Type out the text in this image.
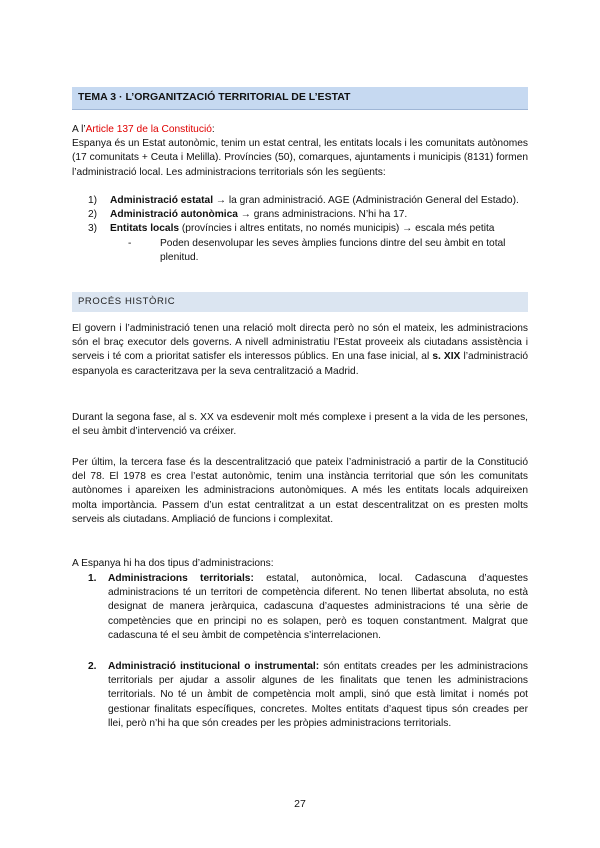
TEMA 3 · L’ORGANITZACIÓ TERRITORIAL DE L’ESTAT
A l’Article 137 de la Constitució:
Espanya és un Estat autonòmic, tenim un estat central, les entitats locals i les comunitats autònomes (17 comunitats + Ceuta i Melilla). Províncies (50), comarques, ajuntaments i municipis (8131) formen l’administració local. Les administracions territorials són les següents:
1) Administració estatal → la gran administració. AGE (Administración General del Estado).
2) Administració autonòmica → grans administracions. N’hi ha 17.
3) Entitats locals (províncies i altres entitats, no només municipis) → escala més petita
-	Poden desenvolupar les seves àmplies funcions dintre del seu àmbit en total plenitud.
PROCÉS HISTÒRIC
El govern i l’administració tenen una relació molt directa però no són el mateix, les administracions són el braç executor dels governs. A nivell administratiu l’Estat proveeix als ciutadans assistència i serveis i té com a prioritat satisfer els interessos públics. En una fase inicial, al s. XIX l’administració espanyola es caracteritzava per la seva centralització a Madrid.
Durant la segona fase, al s. XX va esdevenir molt més complexe i present a la vida de les persones, el seu àmbit d’intervenció va créixer.
Per últim, la tercera fase és la descentralització que pateix l’administració a partir de la Constitució del 78. El 1978 es crea l’estat autonòmic, tenim una instància territorial que són les comunitats autònomes i apareixen les administracions autonòmiques. A més les entitats locals adquireixen molta importància. Passem d’un estat centralitzat a un estat descentralitzat on es presten molts serveis als ciutadans. Ampliació de funcions i complexitat.
A Espanya hi ha dos tipus d’administracions:
1. Administracions territorials: estatal, autonòmica, local. Cadascuna d’aquestes administracions té un territori de competència diferent. No tenen llibertat absoluta, no està designat de manera jeràrquica, cadascuna d’aquestes administracions té una sèrie de competències que en principi no es solapen, però es toquen constantment. Malgrat que cadascuna té el seu àmbit de competència s’interrelacionen.
2. Administració institucional o instrumental: són entitats creades per les administracions territorials per ajudar a assolir algunes de les finalitats que tenen les administracions territorials. No té un àmbit de competència molt ampli, sinó que està limitat i només pot gestionar finalitats específiques, concretes. Moltes entitats d’aquest tipus són creades per llei, però n’hi ha que són creades per les pròpies administracions territorials.
27
